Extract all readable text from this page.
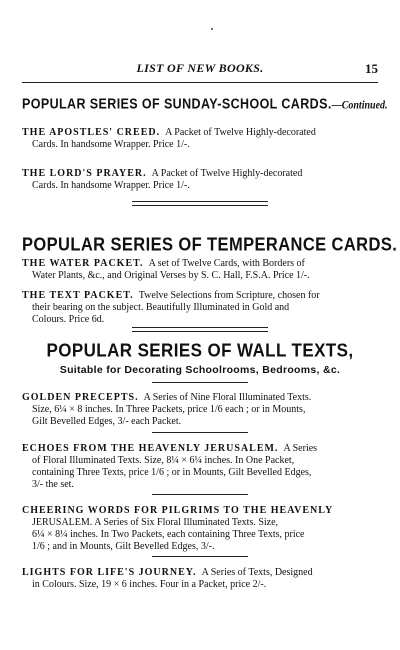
LIST OF NEW BOOKS.	15
POPULAR SERIES OF SUNDAY-SCHOOL CARDS.—Continued.
THE APOSTLES' CREED. A Packet of Twelve Highly-decorated
Cards. In handsome Wrapper. Price 1/-.
THE LORD'S PRAYER. A Packet of Twelve Highly-decorated
Cards. In handsome Wrapper. Price 1/-.
POPULAR SERIES OF TEMPERANCE CARDS.
THE WATER PACKET. A set of Twelve Cards, with Borders of
Water Plants, &c., and Original Verses by S. C. Hall, F.S.A. Price 1/-.
THE TEXT PACKET. Twelve Selections from Scripture, chosen for
their bearing on the subject. Beautifully Illuminated in Gold and
Colours. Price 6d.
POPULAR SERIES OF WALL TEXTS,
Suitable for Decorating Schoolrooms, Bedrooms, &c.
GOLDEN PRECEPTS. A Series of Nine Floral Illuminated Texts.
Size, 6¼ × 8 inches. In Three Packets, price 1/6 each ; or in Mounts,
Gilt Bevelled Edges, 3/- each Packet.
ECHOES FROM THE HEAVENLY JERUSALEM. A Series
of Floral Illuminated Texts. Size, 8¼ × 6¼ inches. In One Packet,
containing Three Texts, price 1/6 ; or in Mounts, Gilt Bevelled Edges,
3/- the set.
CHEERING WORDS FOR PILGRIMS TO THE HEAVENLY
JERUSALEM. A Series of Six Floral Illuminated Texts. Size,
6¼ × 8¼ inches. In Two Packets, each containing Three Texts, price
1/6 ; and in Mounts, Gilt Bevelled Edges, 3/-.
LIGHTS FOR LIFE'S JOURNEY. A Series of Texts, Designed
in Colours. Size, 19 × 6 inches. Four in a Packet, price 2/-.
